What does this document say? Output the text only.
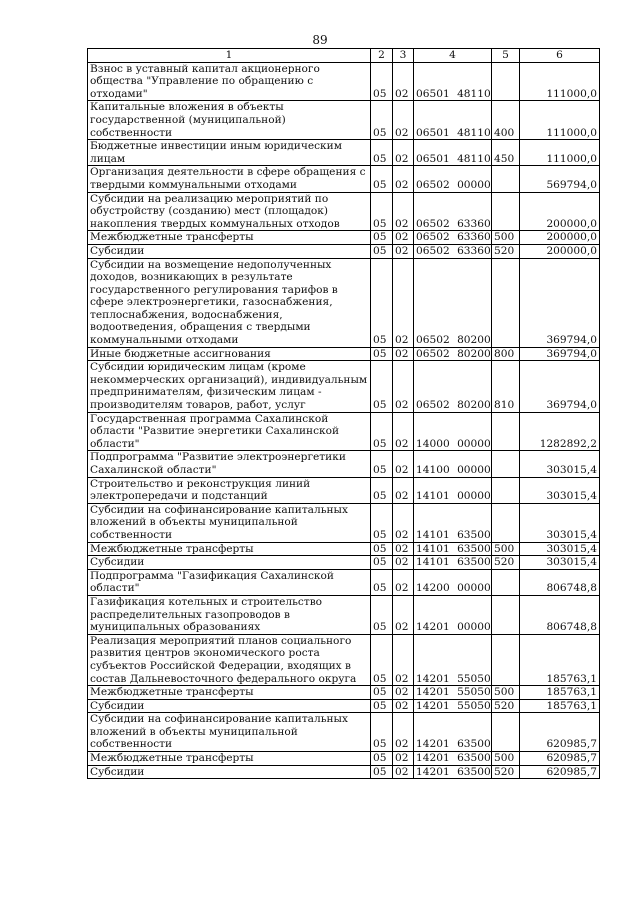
89
1	2	3	4	5	6
Взнос в уставный капитал акционерного общества "Управление по обращению с отходами"	05	02	06501 48110		111000,0
Капитальные вложения в объекты государственной (муниципальной) собственности	05	02	06501 48110	400	111000,0
Бюджетные инвестиции иным юридическим лицам	05	02	06501 48110	450	111000,0
Организация деятельности в сфере обращения с твердыми коммунальными отходами	05	02	06502 00000		569794,0
Субсидии на реализацию мероприятий по обустройству (созданию) мест (площадок) накопления твердых коммунальных отходов	05	02	06502 63360		200000,0
Межбюджетные трансферты	05	02	06502 63360	500	200000,0
Субсидии	05	02	06502 63360	520	200000,0
Субсидии на возмещение недополученных доходов, возникающих в результате государственного регулирования тарифов в сфере электроэнергетики, газоснабжения, теплоснабжения, водоснабжения, водоотведения, обращения с твердыми коммунальными отходами	05	02	06502 80200		369794,0
Иные бюджетные ассигнования	05	02	06502 80200	800	369794,0
Субсидии юридическим лицам (кроме некоммерческих организаций), индивидуальным предпринимателям, физическим лицам - производителям товаров, работ, услуг	05	02	06502 80200	810	369794,0
Государственная программа Сахалинской области "Развитие энергетики Сахалинской области"	05	02	14000 00000		1282892,2
Подпрограмма "Развитие электроэнергетики Сахалинской области"	05	02	14100 00000		303015,4
Строительство и реконструкция линий электропередачи и подстанций	05	02	14101 00000		303015,4
Субсидии на софинансирование капитальных вложений в объекты муниципальной собственности	05	02	14101 63500		303015,4
Межбюджетные трансферты	05	02	14101 63500	500	303015,4
Субсидии	05	02	14101 63500	520	303015,4
Подпрограмма "Газификация Сахалинской области"	05	02	14200 00000		806748,8
Газификация котельных и строительство распределительных газопроводов в муниципальных образованиях	05	02	14201 00000		806748,8
Реализация мероприятий планов социального развития центров экономического роста субъектов Российской Федерации, входящих в состав Дальневосточного федерального округа	05	02	14201 55050		185763,1
Межбюджетные трансферты	05	02	14201 55050	500	185763,1
Субсидии	05	02	14201 55050	520	185763,1
Субсидии на софинансирование капитальных вложений в объекты муниципальной собственности	05	02	14201 63500		620985,7
Межбюджетные трансферты	05	02	14201 63500	500	620985,7
Субсидии	05	02	14201 63500	520	620985,7
